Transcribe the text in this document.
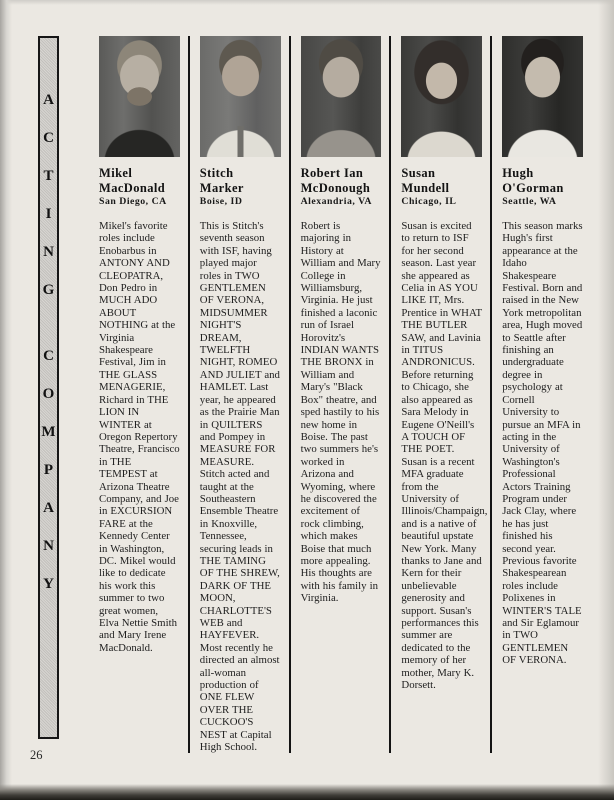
A
C
T
I
N
G
C
O
M
P
A
N
Y
Mikel MacDonald
San Diego, CA
Mikel's favorite roles include Enobarbus in ANTONY AND CLEOPATRA, Don Pedro in MUCH ADO ABOUT NOTHING at the Virginia Shakespeare Festival, Jim in THE GLASS MENAGERIE, Richard in THE LION IN WINTER at Oregon Repertory Theatre, Francisco in THE TEMPEST at Arizona Theatre Company, and Joe in EXCURSION FARE at the Kennedy Center in Washington, DC. Mikel would like to dedicate his work this summer to two great women, Elva Nettie Smith and Mary Irene MacDonald.
Stitch Marker
Boise, ID
This is Stitch's seventh season with ISF, having played major roles in TWO GENTLEMEN OF VERONA, MIDSUMMER NIGHT'S DREAM, TWELFTH NIGHT, ROMEO AND JULIET and HAMLET. Last year, he appeared as the Prairie Man in QUILTERS and Pompey in MEASURE FOR MEASURE. Stitch acted and taught at the Southeastern Ensemble Theatre in Knoxville, Tennessee, securing leads in THE TAMING OF THE SHREW, DARK OF THE MOON, CHARLOTTE'S WEB and HAYFEVER. Most recently he directed an almost all-woman production of ONE FLEW OVER THE CUCKOO'S NEST at Capital High School.
Robert Ian McDonough
Alexandria, VA
Robert is majoring in History at William and Mary College in Williamsburg, Virginia. He just finished a laconic run of Israel Horovitz's INDIAN WANTS THE BRONX in William and Mary's "Black Box" theatre, and sped hastily to his new home in Boise. The past two summers he's worked in Arizona and Wyoming, where he discovered the excitement of rock climbing, which makes Boise that much more appealing. His thoughts are with his family in Virginia.
Susan Mundell
Chicago, IL
Susan is excited to return to ISF for her second season. Last year she appeared as Celia in AS YOU LIKE IT, Mrs. Prentice in WHAT THE BUTLER SAW, and Lavinia in TITUS ANDRONICUS. Before returning to Chicago, she also appeared as Sara Melody in Eugene O'Neill's A TOUCH OF THE POET. Susan is a recent MFA graduate from the University of Illinois/Champaign, and is a native of beautiful upstate New York. Many thanks to Jane and Kern for their unbelievable generosity and support. Susan's performances this summer are dedicated to the memory of her mother, Mary K. Dorsett.
Hugh O'Gorman
Seattle, WA
This season marks Hugh's first appearance at the Idaho Shakespeare Festival. Born and raised in the New York metropolitan area, Hugh moved to Seattle after finishing an undergraduate degree in psychology at Cornell University to pursue an MFA in acting in the University of Washington's Professional Actors Training Program under Jack Clay, where he has just finished his second year. Previous favorite Shakespearean roles include Polixenes in WINTER'S TALE and Sir Eglamour in TWO GENTLEMEN OF VERONA.
26
